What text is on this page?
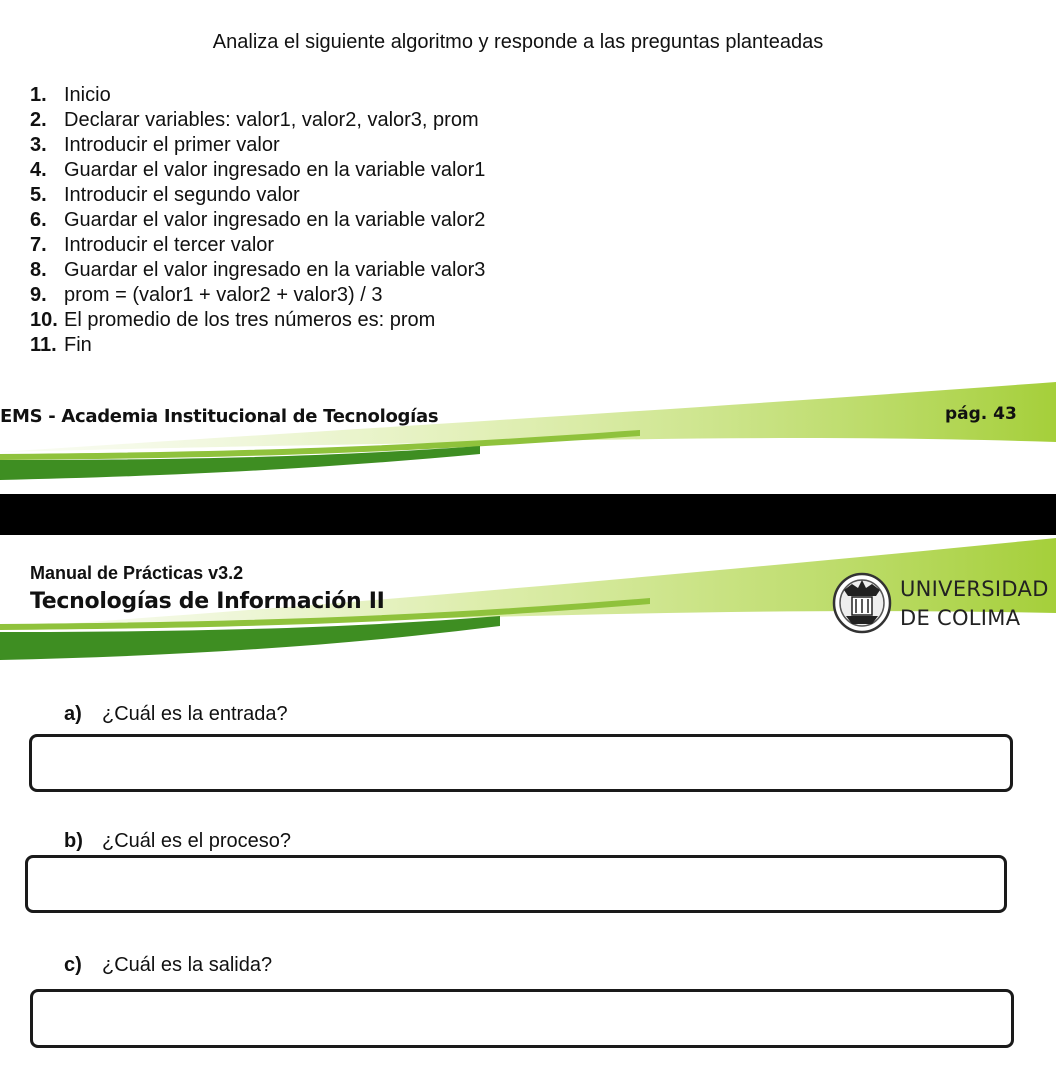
Analiza el siguiente algoritmo y responde a las preguntas planteadas
1. Inicio
2. Declarar variables: valor1, valor2, valor3, prom
3. Introducir el primer valor
4. Guardar el valor ingresado en la variable valor1
5. Introducir el segundo valor
6. Guardar el valor ingresado en la variable valor2
7. Introducir el tercer valor
8. Guardar el valor ingresado en la variable valor3
9. prom = (valor1 + valor2 + valor3) / 3
10. El promedio de los tres números es: prom
11. Fin
EMS - Academia Institucional de Tecnologías	pág. 43
Manual de Prácticas v3.2
Tecnologías de Información II	UNIVERSIDAD
DE COLIMA
a) ¿Cuál es la entrada?
b) ¿Cuál es el proceso?
c) ¿Cuál es la salida?
